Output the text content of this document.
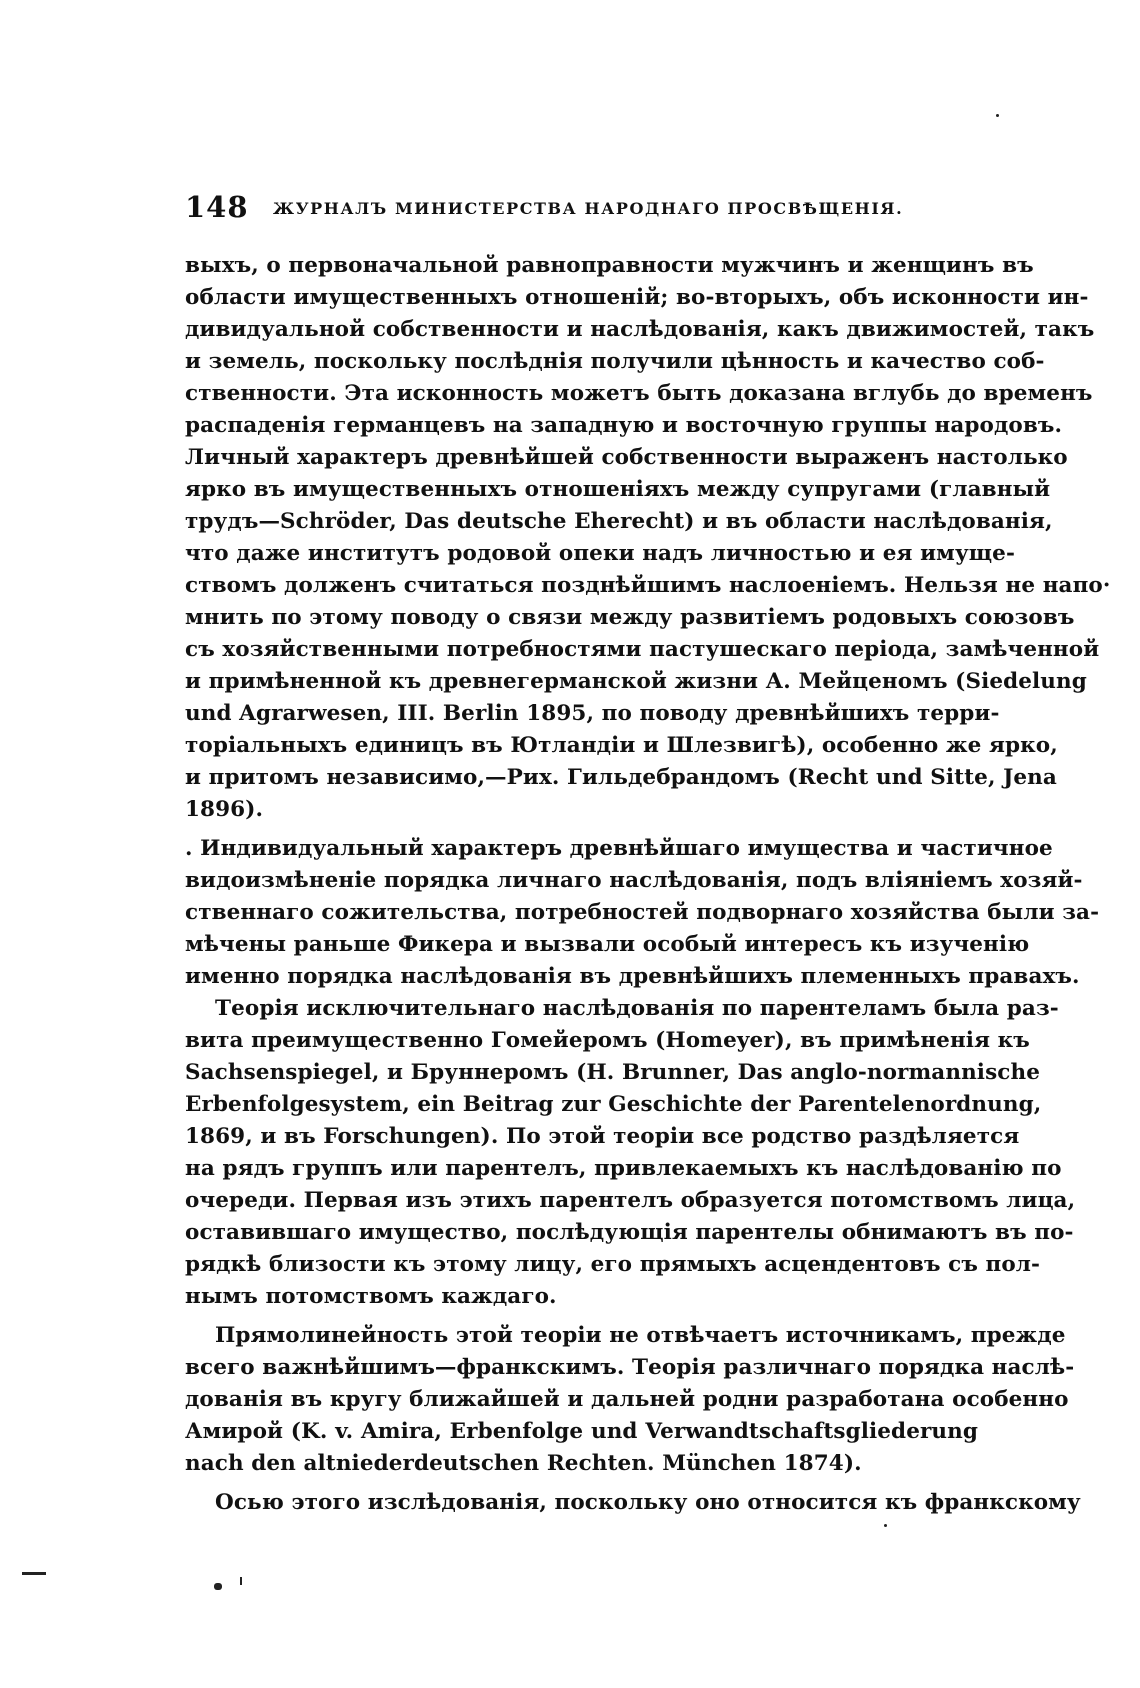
148 ЖУРНАЛЪ МИНИСТЕРСТВА НАРОДНАГО ПРОСВѢЩЕНІЯ.
выхъ, о первоначальной равноправности мужчинъ и женщинъ въ
области имущественныхъ отношеній; во-вторыхъ, объ исконности ин-
дивидуальной собственности и наслѣдованія, какъ движимостей, такъ
и земель, поскольку послѣднія получили цѣнность и качество соб-
ственности. Эта исконность можетъ быть доказана вглубь до временъ
распаденія германцевъ на западную и восточную группы народовъ.
Личный характеръ древнѣйшей собственности выраженъ настолько
ярко въ имущественныхъ отношеніяхъ между супругами (главный
трудъ—Schröder, Das deutsche Eherecht) и въ области наслѣдованія,
что даже институтъ родовой опеки надъ личностью и ея имуще-
ствомъ долженъ считаться позднѣйшимъ наслоеніемъ. Нельзя не напо·
мнить по этому поводу о связи между развитіемъ родовыхъ союзовъ
съ хозяйственными потребностями пастушескаго періода, замѣченной
и примѣненной къ древнегерманской жизни А. Мейценомъ (Siedelung
und Agrarwesen, III. Berlin 1895, по поводу древнѣйшихъ терри-
торіальныхъ единицъ въ Ютландіи и Шлезвигѣ), особенно же ярко,
и притомъ независимо,—Рих. Гильдебрандомъ (Recht und Sitte, Jena
1896).
. Индивидуальный характеръ древнѣйшаго имущества и частичное
видоизмѣненіе порядка личнаго наслѣдованія, подъ вліяніемъ хозяй-
ственнаго сожительства, потребностей подворнаго хозяйства были за-
мѣчены раньше Фикера и вызвали особый интересъ къ изученію
именно порядка наслѣдованія въ древнѣйшихъ племенныхъ правахъ.
Теорія исключительнаго наслѣдованія по парентеламъ была раз-
вита преимущественно Гомейеромъ (Homeyer), въ примѣненія къ
Sachsenspiegel, и Бруннеромъ (H. Brunner, Das anglo-normannische
Erbenfolgesystem, ein Beitrag zur Geschichte der Parentelenordnung,
1869, и въ Forschungen). По этой теоріи все родство раздѣляется
на рядъ группъ или парентелъ, привлекаемыхъ къ наслѣдованію по
очереди. Первая изъ этихъ парентелъ образуется потомствомъ лица,
оставившаго имущество, послѣдующія парентелы обнимаютъ въ по-
рядкѣ близости къ этому лицу, его прямыхъ асцендентовъ съ пол-
нымъ потомствомъ каждаго.
Прямолинейность этой теоріи не отвѣчаетъ источникамъ, прежде
всего важнѣйшимъ—франкскимъ. Теорія различнаго порядка наслѣ-
дованія въ кругу ближайшей и дальней родни разработана особенно
Амирой (K. v. Amira, Erbenfolge und Verwandtschaftsgliederung
nach den altniederdeutschen Rechten. München 1874).
Осью этого изслѣдованія, поскольку оно относится къ франкскому
